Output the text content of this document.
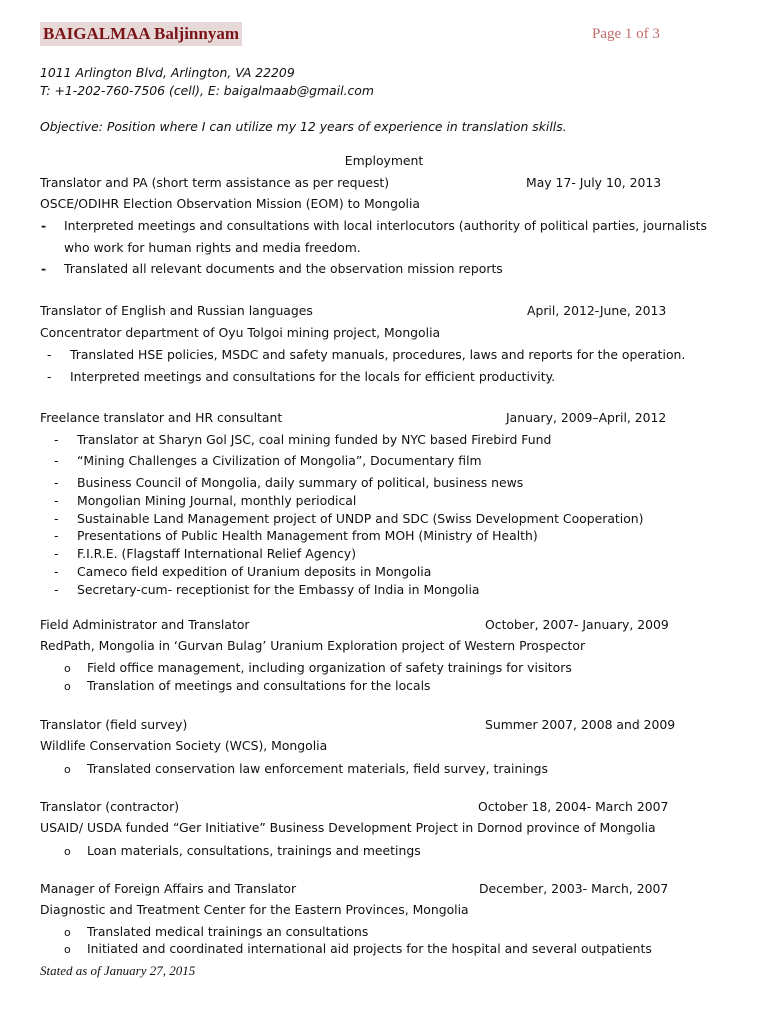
BAIGALMAA Baljinnyam	Page 1 of 3
1011 Arlington Blvd, Arlington, VA 22209
T: +1-202-760-7506 (cell), E: baigalmaab@gmail.com
Objective: Position where I can utilize my 12 years of experience in translation skills.
Employment
Translator and PA (short term assistance as per request)	May 17- July 10, 2013
OSCE/ODIHR Election Observation Mission (EOM) to Mongolia
- Interpreted meetings and consultations with local interlocutors (authority of political parties, journalists
who work for human rights and media freedom.
- Translated all relevant documents and the observation mission reports
Translator of English and Russian languages	April, 2012-June, 2013
Concentrator department of Oyu Tolgoi mining project, Mongolia
- Translated HSE policies, MSDC and safety manuals, procedures, laws and reports for the operation.
- Interpreted meetings and consultations for the locals for efficient productivity.
Freelance translator and HR consultant	January, 2009–April, 2012
- Translator at Sharyn Gol JSC, coal mining funded by NYC based Firebird Fund
- “Mining Challenges a Civilization of Mongolia”, Documentary film
- Business Council of Mongolia, daily summary of political, business news
- Mongolian Mining Journal, monthly periodical
- Sustainable Land Management project of UNDP and SDC (Swiss Development Cooperation)
- Presentations of Public Health Management from MOH (Ministry of Health)
- F.I.R.E. (Flagstaff International Relief Agency)
- Cameco field expedition of Uranium deposits in Mongolia
- Secretary-cum- receptionist for the Embassy of India in Mongolia
Field Administrator and Translator	October, 2007- January, 2009
RedPath, Mongolia in ‘Gurvan Bulag’ Uranium Exploration project of Western Prospector
o Field office management, including organization of safety trainings for visitors
o Translation of meetings and consultations for the locals
Translator (field survey)	Summer 2007, 2008 and 2009
Wildlife Conservation Society (WCS), Mongolia
o Translated conservation law enforcement materials, field survey, trainings
Translator (contractor)	October 18, 2004- March 2007
USAID/ USDA funded “Ger Initiative” Business Development Project in Dornod province of Mongolia
o Loan materials, consultations, trainings and meetings
Manager of Foreign Affairs and Translator	December, 2003- March, 2007
Diagnostic and Treatment Center for the Eastern Provinces, Mongolia
o Translated medical trainings an consultations
o Initiated and coordinated international aid projects for the hospital and several outpatients
Stated as of January 27, 2015
